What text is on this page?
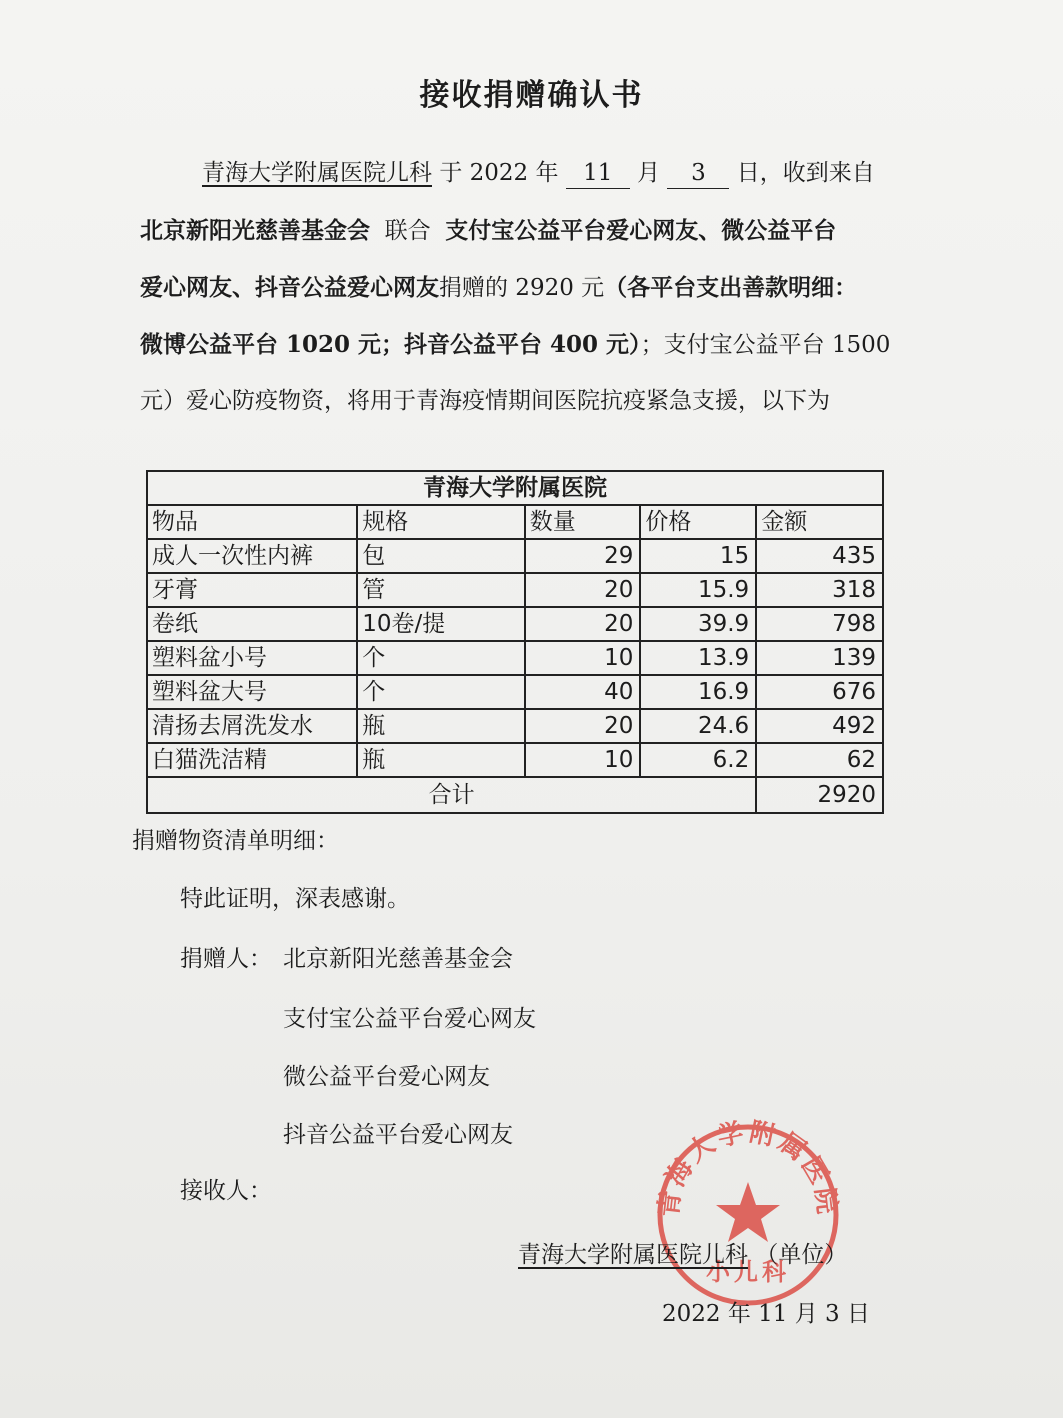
接收捐赠确认书
青海大学附属医院儿科 于 2022 年 11 月 3 日，收到来自
北京新阳光慈善基金会 联合 支付宝公益平台爱心网友、微公益平台
爱心网友、抖音公益爱心网友捐赠的 2920 元（各平台支出善款明细：
微博公益平台 1020 元；抖音公益平台 400 元）；支付宝公益平台 1500
元）爱心防疫物资，将用于青海疫情期间医院抗疫紧急支援，以下为
青海大学附属医院				
物品	规格	数量	价格	金额
成人一次性内裤	包	29	15	435
牙膏	管	20	15.9	318
卷纸	10卷/提	20	39.9	798
塑料盆小号	个	10	13.9	139
塑料盆大号	个	40	16.9	676
清扬去屑洗发水	瓶	20	24.6	492
白猫洗洁精	瓶	10	6.2	62
合计				2920
捐赠物资清单明细：
特此证明，深表感谢。
捐赠人： 北京新阳光慈善基金会
支付宝公益平台爱心网友
微公益平台爱心网友
抖音公益平台爱心网友
接收人：	青海大学附属医院
小儿科
青海大学附属医院儿科 （单位）
2022 年 11 月 3 日
